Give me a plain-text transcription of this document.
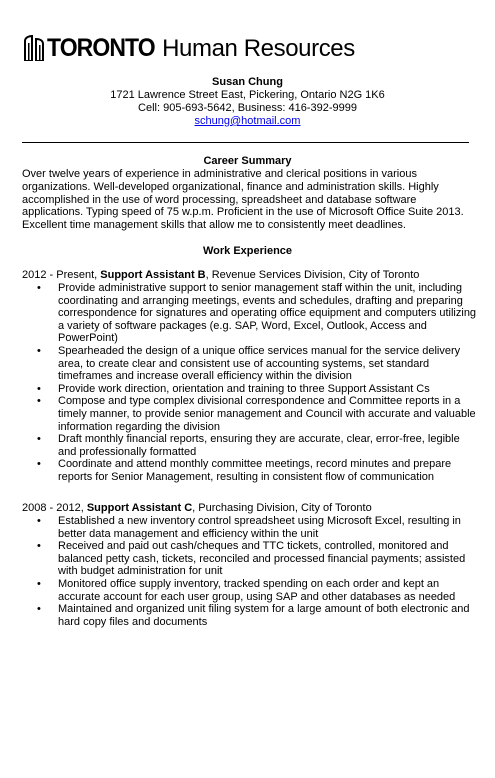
TORONTO Human Resources
Susan Chung
1721 Lawrence Street East, Pickering, Ontario N2G 1K6
Cell: 905-693-5642, Business: 416-392-9999
schung@hotmail.com
Career Summary
Over twelve years of experience in administrative and clerical positions in various organizations. Well-developed organizational, finance and administration skills. Highly accomplished in the use of word processing, spreadsheet and database software applications. Typing speed of 75 w.p.m. Proficient in the use of Microsoft Office Suite 2013. Excellent time management skills that allow me to consistently meet deadlines.
Work Experience
2012 - Present, Support Assistant B, Revenue Services Division, City of Toronto
• Provide administrative support to senior management staff within the unit, including coordinating and arranging meetings, events and schedules, drafting and preparing correspondence for signatures and operating office equipment and computers utilizing a variety of software packages (e.g. SAP, Word, Excel, Outlook, Access and PowerPoint)
• Spearheaded the design of a unique office services manual for the service delivery area, to create clear and consistent use of accounting systems, set standard timeframes and increase overall efficiency within the division
• Provide work direction, orientation and training to three Support Assistant Cs
• Compose and type complex divisional correspondence and Committee reports in a timely manner, to provide senior management and Council with accurate and valuable information regarding the division
• Draft monthly financial reports, ensuring they are accurate, clear, error-free, legible and professionally formatted
• Coordinate and attend monthly committee meetings, record minutes and prepare reports for Senior Management, resulting in consistent flow of communication
2008 - 2012, Support Assistant C, Purchasing Division, City of Toronto
• Established a new inventory control spreadsheet using Microsoft Excel, resulting in better data management and efficiency within the unit
• Received and paid out cash/cheques and TTC tickets, controlled, monitored and balanced petty cash, tickets, reconciled and processed financial payments; assisted with budget administration for unit
• Monitored office supply inventory, tracked spending on each order and kept an accurate account for each user group, using SAP and other databases as needed
• Maintained and organized unit filing system for a large amount of both electronic and hard copy files and documents
